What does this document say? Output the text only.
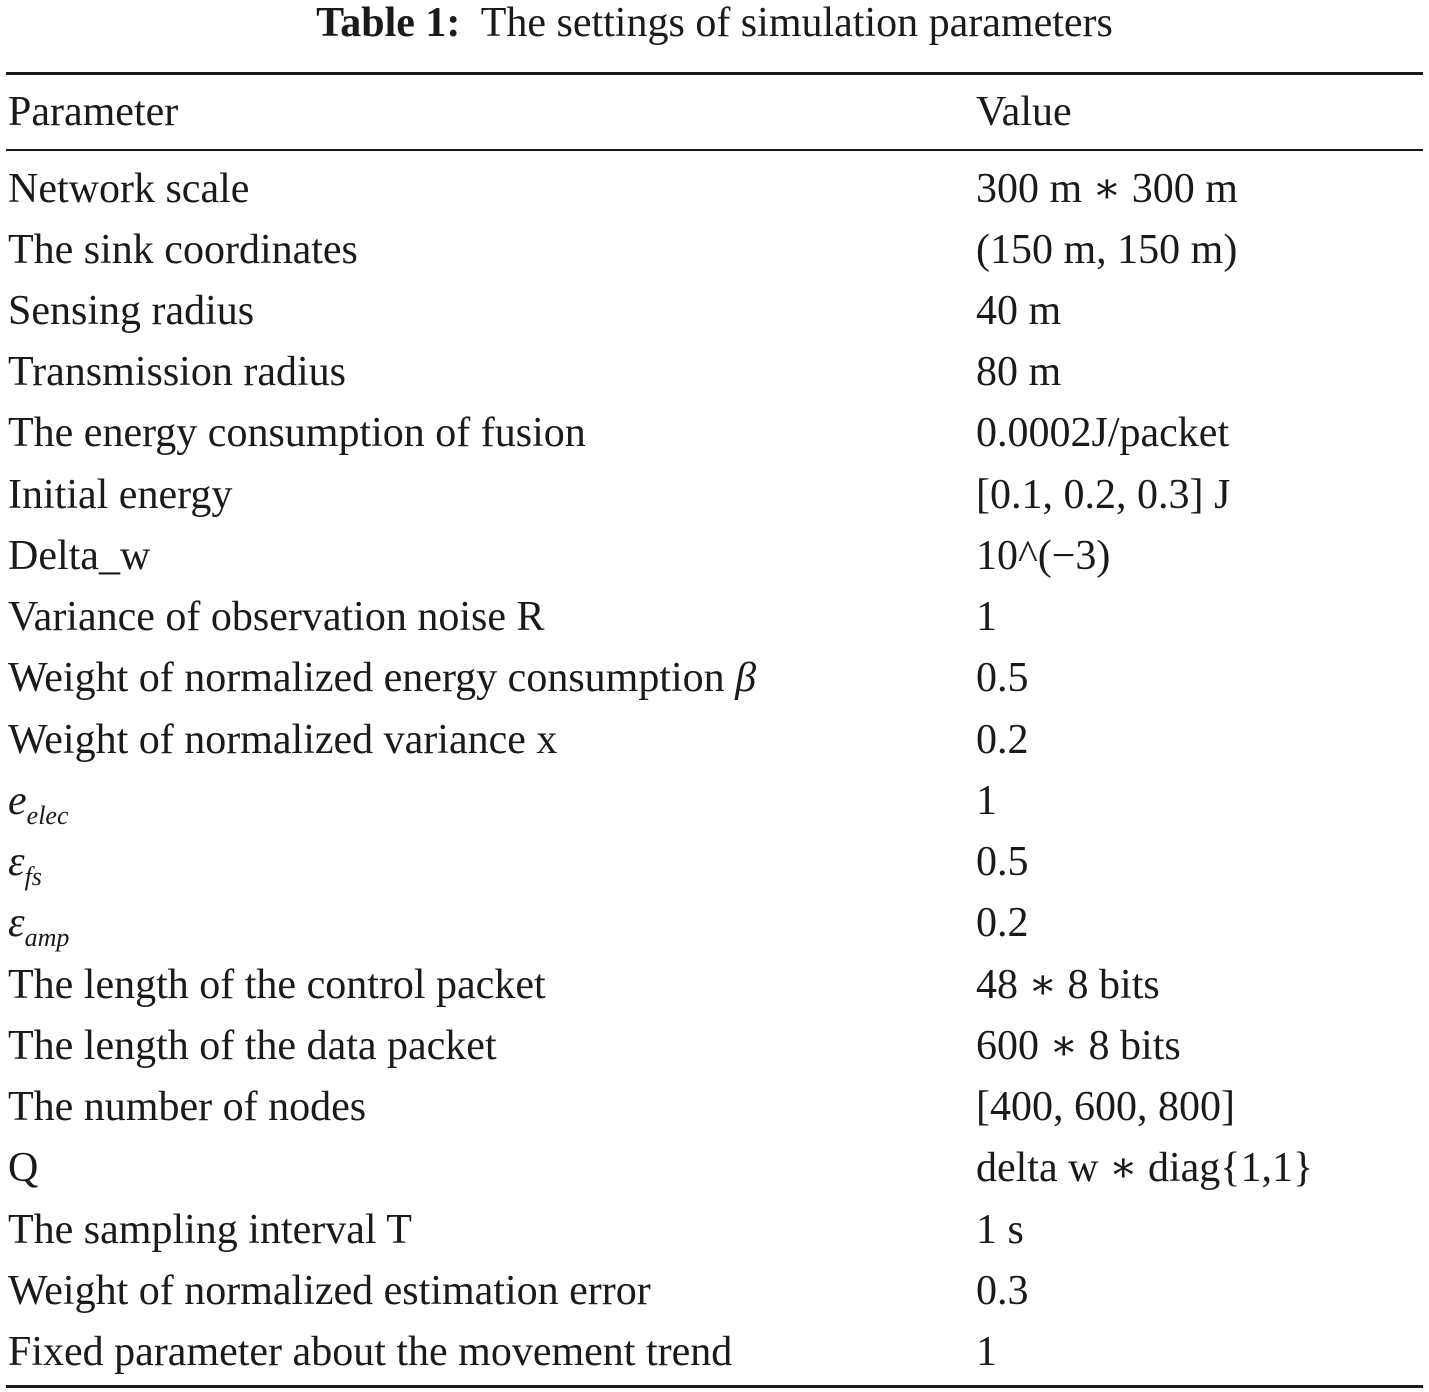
Table 1: The settings of simulation parameters
Parameter	Value
Network scale	300 m ∗ 300 m
The sink coordinates	(150 m, 150 m)
Sensing radius	40 m
Transmission radius	80 m
The energy consumption of fusion	0.0002J/packet
Initial energy	[0.1, 0.2, 0.3] J
Delta_w	10^(−3)
Variance of observation noise R	1
Weight of normalized energy consumption β	0.5
Weight of normalized variance x	0.2
$e_{elec}$	1
$\varepsilon_{fs}$	0.5
$\varepsilon_{amp}$	0.2
The length of the control packet	48 ∗ 8 bits
The length of the data packet	600 ∗ 8 bits
The number of nodes	[400, 600, 800]
Q	delta w ∗ diag{1,1}
The sampling interval T	1 s
Weight of normalized estimation error	0.3
Fixed parameter about the movement trend	1
